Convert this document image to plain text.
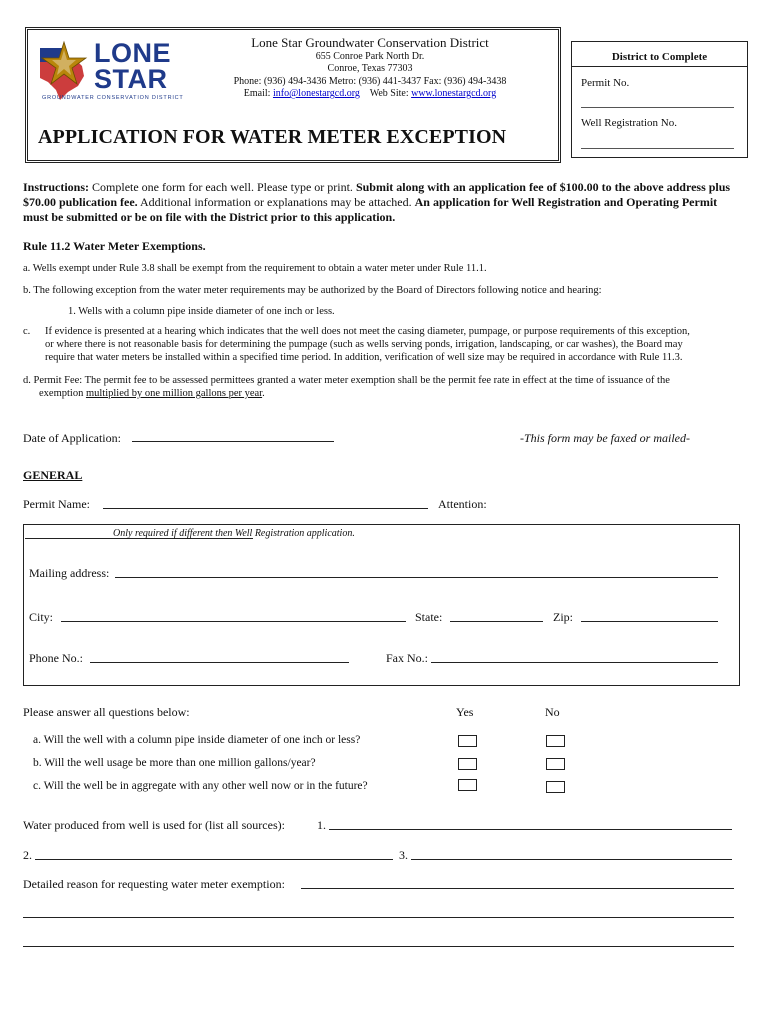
LONE
STAR
GROUNDWATER CONSERVATION DISTRICT
Lone Star Groundwater Conservation District
655 Conroe Park North Dr.
Conroe, Texas 77303
Phone: (936) 494-3436 Metro: (936) 441-3437 Fax: (936) 494-3438
Email: info@lonestargcd.org Web Site: www.lonestargcd.org
APPLICATION FOR WATER METER EXCEPTION
District to Complete
Permit No.
Well Registration No.
Instructions: Complete one form for each well. Please type or print. Submit along with an application fee of $100.00 to the above address plus $70.00 publication fee. Additional information or explanations may be attached. An application for Well Registration and Operating Permit must be submitted or be on file with the District prior to this application.
Rule 11.2 Water Meter Exemptions.
a. Wells exempt under Rule 3.8 shall be exempt from the requirement to obtain a water meter under Rule 11.1.
b. The following exception from the water meter requirements may be authorized by the Board of Directors following notice and hearing:
1. Wells with a column pipe inside diameter of one inch or less.
c.	If evidence is presented at a hearing which indicates that the well does not meet the casing diameter, pumpage, or purpose requirements of this exception,
or where there is not reasonable basis for determining the pumpage (such as wells serving ponds, irrigation, landscaping, or car washes), the Board may
require that water meters be installed within a specified time period. In addition, verification of well size may be required in accordance with Rule 11.3.
d. Permit Fee: The permit fee to be assessed permittees granted a water meter exemption shall be the permit fee rate in effect at the time of issuance of the
exemption multiplied by one million gallons per year.
Date of Application:	-This form may be faxed or mailed-
GENERAL
Permit Name:	Attention:
Only required if different then Well Registration application.
Mailing address:
City:	State:	Zip:
Phone No.:	Fax No.:
Please answer all questions below:	Yes	No
a. Will the well with a column pipe inside diameter of one inch or less?
b. Will the well usage be more than one million gallons/year?
c. Will the well be in aggregate with any other well now or in the future?
Water produced from well is used for (list all sources):	1.
2.	3.
Detailed reason for requesting water meter exemption:
